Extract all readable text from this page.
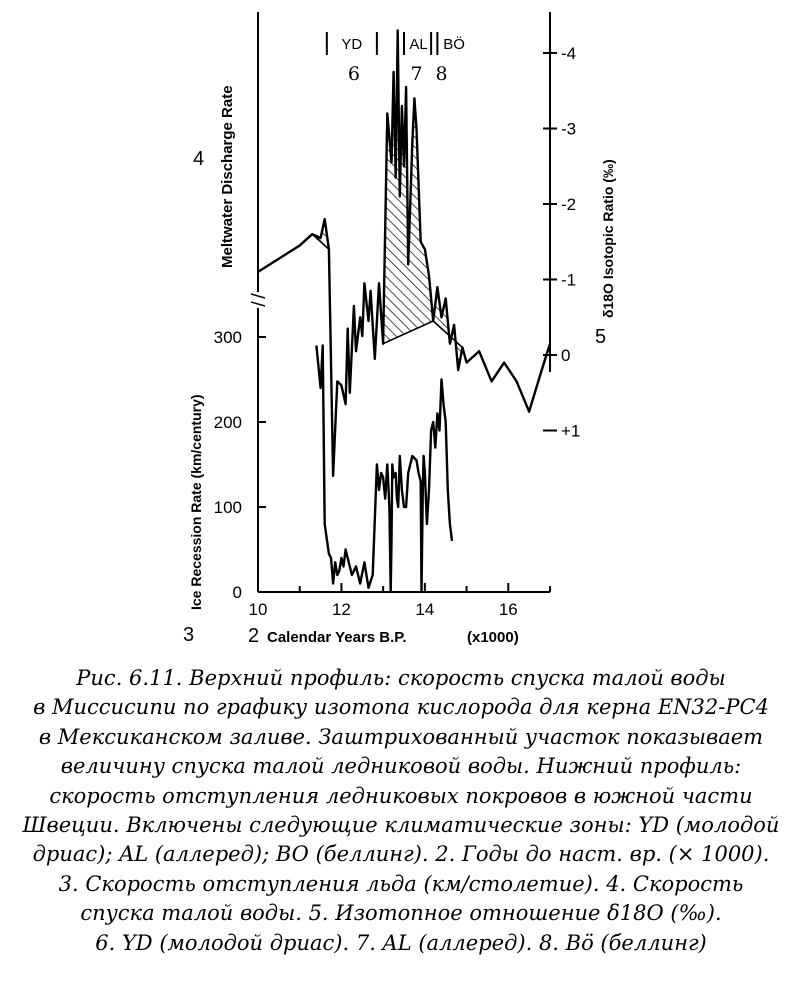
10	12	14	16
0
100
200
300
-4
-3
-2
-1
0
+1
YD
6
AL
7
BÖ
8
2 Calendar Years B.P.	(x1000)
4 Meltwater Discharge Rate
3
Ice Recession Rate (km/century)
δ18O Isotopic Ratio (‰)
5
Рис. 6.11. Верхний профиль: скорость спуска талой воды
в Миссисипи по графику изотопа кислорода для керна EN32-PC4
в Мексиканском заливе. Заштрихованный участок показывает
величину спуска талой ледниковой воды. Нижний профиль:
скорость отступления ледниковых покровов в южной части
Швеции. Включены следующие климатические зоны: YD (молодой
дриас); AL (аллеред); BO (беллинг). 2. Годы до наст. вр. (× 1000).
3. Скорость отступления льда (км/столетие). 4. Скорость
спуска талой воды. 5. Изотопное отношение δ18O (‰).
6. YD (молодой дриас). 7. AL (аллеред). 8. Вö (беллинг)
